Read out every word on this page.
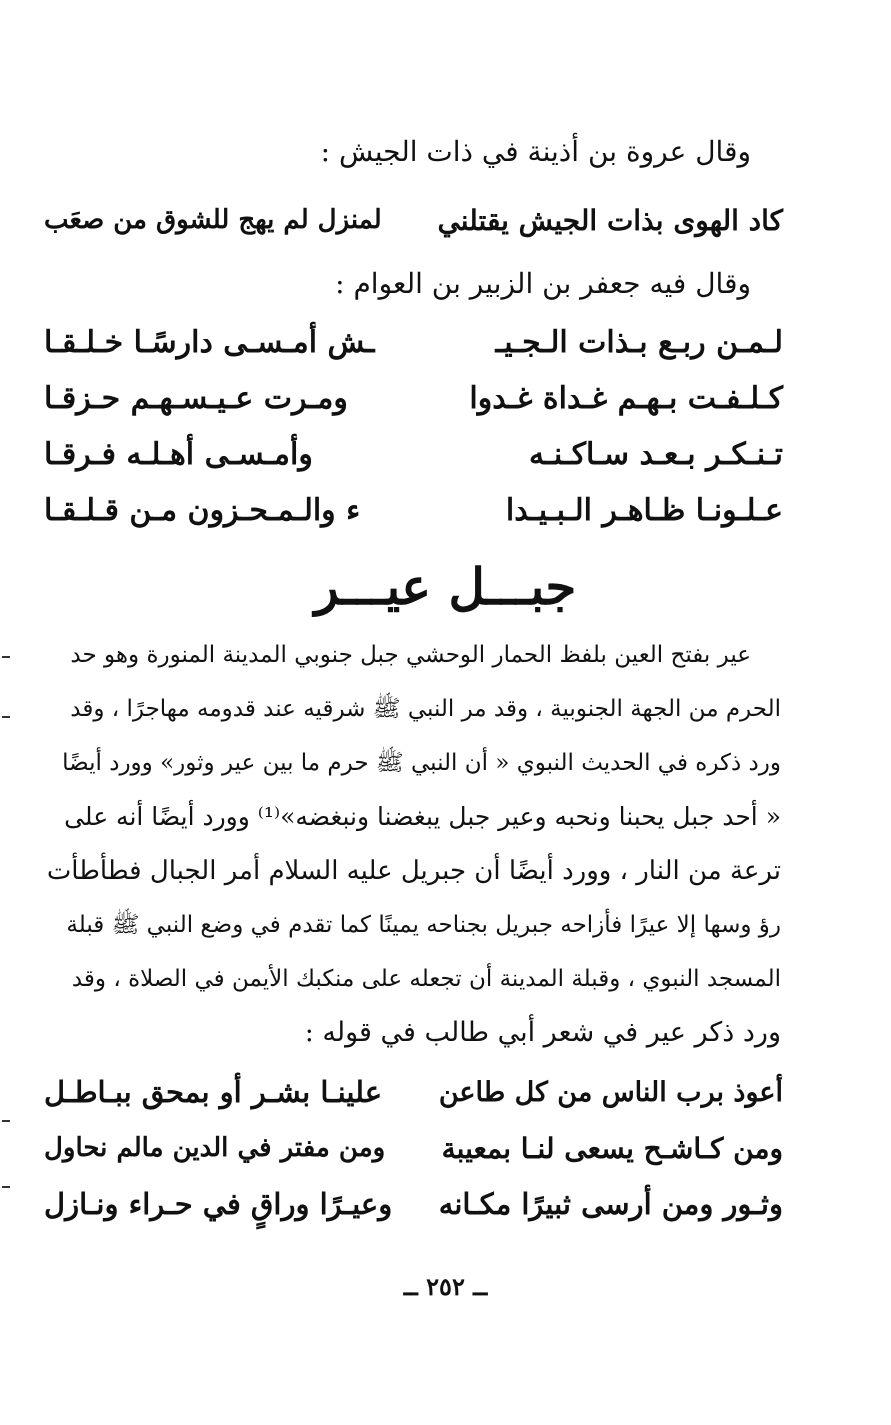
وقال عروة بن أذينة في ذات الجيش :
كاد الهوى بذات الجيش يقتلني
لمنزل لم يهج للشوق من صعَب
وقال فيه جعفر بن الزبير بن العوام :
لـمـن ربـع بـذات الـجـيـ
ـش أمـسـى دارسًـا خـلـقـا
كـلـفـت بـهـم غـداة غـدوا
ومـرت عـيـسـهـم حـزقـا
تـنـكـر بـعـد سـاكـنـه
وأمـسـى أهـلـه فـرقـا
عـلـونـا ظـاهـر الـبـيـدا
ء والـمـحـزون مـن قـلـقـا
جبـــل عيـــر
عير بفتح العين بلفظ الحمار الوحشي جبل جنوبي المدينة المنورة وهو حد
الحرم من الجهة الجنوبية ، وقد مر النبي ﷺ شرقيه عند قدومه مهاجرًا ، وقد
ورد ذكره في الحديث النبوي « أن النبي ﷺ حرم ما بين عير وثور» وورد أيضًا
« أحد جبل يحبنا ونحبه وعير جبل يبغضنا ونبغضه»⁽¹⁾ وورد أيضًا أنه على
ترعة من النار ، وورد أيضًا أن جبريل عليه السلام أمر الجبال فطأطأت
رؤ وسها إلا عيرًا فأزاحه جبريل بجناحه يمينًا كما تقدم في وضع النبي ﷺ قبلة
المسجد النبوي ، وقبلة المدينة أن تجعله على منكبك الأيمن في الصلاة ، وقد
ورد ذكر عير في شعر أبي طالب في قوله :
أعوذ برب الناس من كل طاعن
علينـا بشـر أو بمحق ببـاطـل
ومن كـاشـح يسعى لنـا بمعيبة
ومن مفتر في الدين مالم نحاول
وثـور ومن أرسى ثبيرًا مكـانه
وعيـرًا وراقٍ في حـراء ونـازل
ــ ٢٥٢ ــ
